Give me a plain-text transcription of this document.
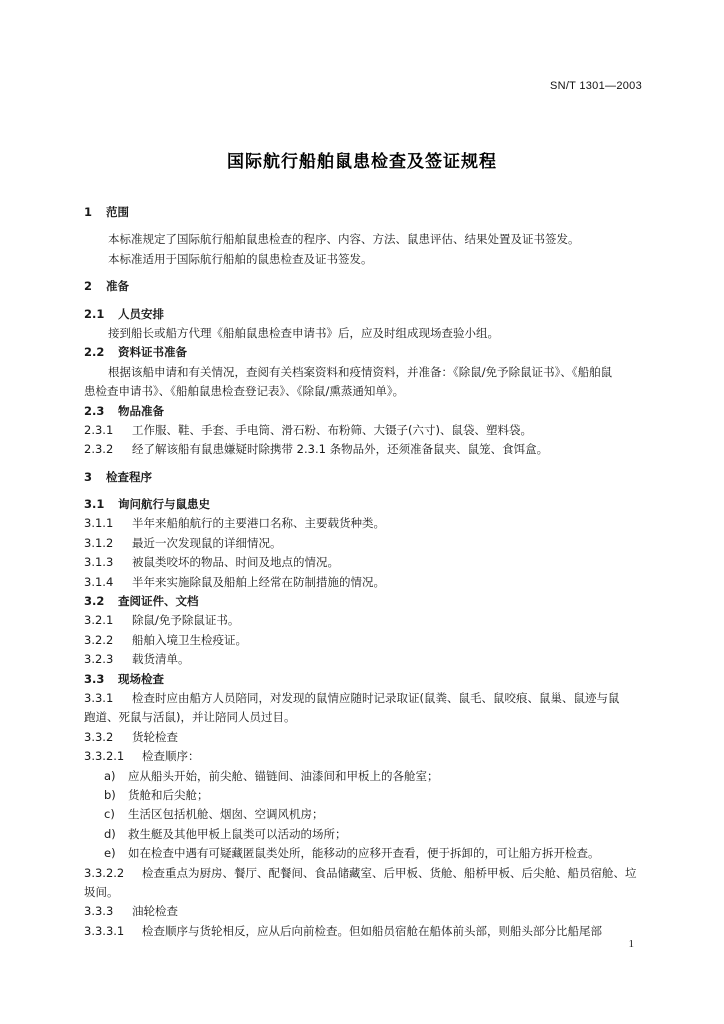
SN/T 1301—2003
国际航行船舶鼠患检查及签证规程
1 范围
本标准规定了国际航行船舶鼠患检查的程序、内容、方法、鼠患评估、结果处置及证书签发。
本标准适用于国际航行船舶的鼠患检查及证书签发。
2 准备
2.1 人员安排
接到船长或船方代理《船舶鼠患检查申请书》后，应及时组成现场查验小组。
2.2 资料证书准备
根据该船申请和有关情况，查阅有关档案资料和疫情资料，并准备：《除鼠/免予除鼠证书》、《船舶鼠
患检查申请书》、《船舶鼠患检查登记表》、《除鼠/熏蒸通知单》。
2.3 物品准备
2.3.1 工作服、鞋、手套、手电筒、滑石粉、布粉筛、大镊子(六寸)、鼠袋、塑料袋。
2.3.2 经了解该船有鼠患嫌疑时除携带 2.3.1 条物品外，还须准备鼠夹、鼠笼、食饵盒。
3 检查程序
3.1 询问航行与鼠患史
3.1.1 半年来船舶航行的主要港口名称、主要载货种类。
3.1.2 最近一次发现鼠的详细情况。
3.1.3 被鼠类咬坏的物品、时间及地点的情况。
3.1.4 半年来实施除鼠及船舶上经常在防制措施的情况。
3.2 查阅证件、文档
3.2.1 除鼠/免予除鼠证书。
3.2.2 船舶入境卫生检疫证。
3.2.3 载货清单。
3.3 现场检查
3.3.1 检查时应由船方人员陪同，对发现的鼠情应随时记录取证(鼠粪、鼠毛、鼠咬痕、鼠巢、鼠迹与鼠
跑道、死鼠与活鼠)，并让陪同人员过目。
3.3.2 货轮检查
3.3.2.1 检查顺序：
a) 应从船头开始，前尖舱、锚链间、油漆间和甲板上的各舱室；
b) 货舱和后尖舱；
c) 生活区包括机舱、烟囱、空调风机房；
d) 救生艇及其他甲板上鼠类可以活动的场所；
e) 如在检查中遇有可疑藏匿鼠类处所，能移动的应移开查看，便于拆卸的，可让船方拆开检查。
3.3.2.2 检查重点为厨房、餐厅、配餐间、食品储藏室、后甲板、货舱、船桥甲板、后尖舱、船员宿舱、垃
圾间。
3.3.3 油轮检查
3.3.3.1 检查顺序与货轮相反，应从后向前检查。但如船员宿舱在船体前头部，则船头部分比船尾部
1
